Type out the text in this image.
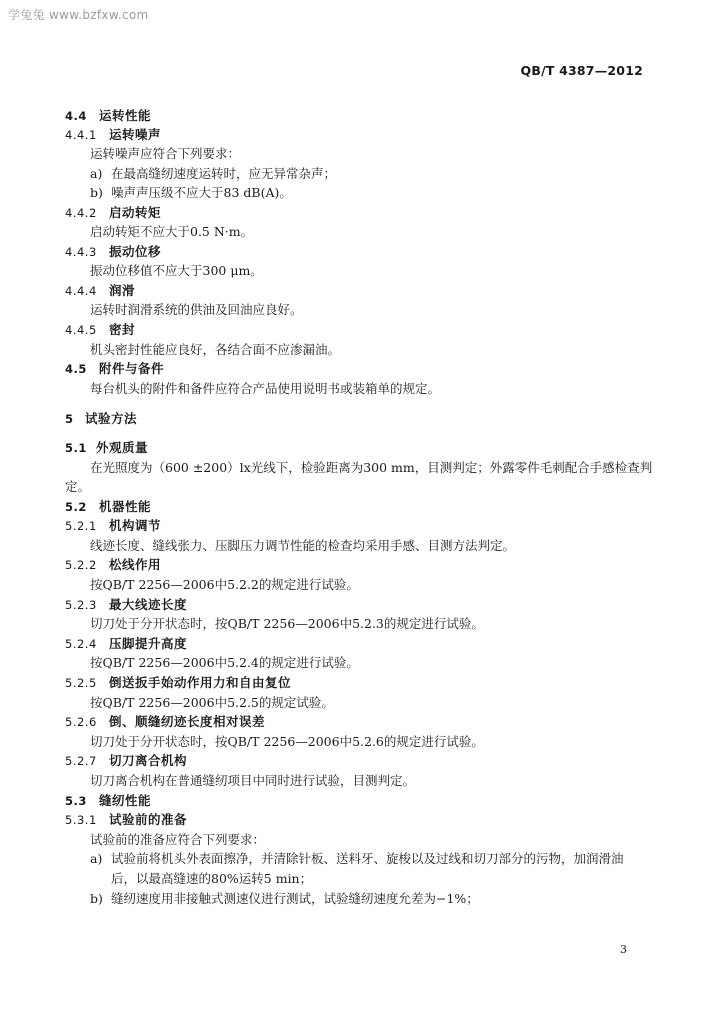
学兔兔 www.bzfxw.com
QB/T 4387—2012
4.4 运转性能
4.4.1 运转噪声
运转噪声应符合下列要求：
a) 在最高缝纫速度运转时，应无异常杂声；
b) 噪声声压级不应大于83 dB(A)。
4.4.2 启动转矩
启动转矩不应大于0.5 N·m。
4.4.3 振动位移
振动位移值不应大于300 μm。
4.4.4 润滑
运转时润滑系统的供油及回油应良好。
4.4.5 密封
机头密封性能应良好，各结合面不应渗漏油。
4.5 附件与备件
每台机头的附件和备件应符合产品使用说明书或装箱单的规定。
5 试验方法
5.1 外观质量
在光照度为（600 ±200）lx光线下，检验距离为300 mm，目测判定；外露零件毛刺配合手感检查判
定。
5.2 机器性能
5.2.1 机构调节
线迹长度、缝线张力、压脚压力调节性能的检查均采用手感、目测方法判定。
5.2.2 松线作用
按QB/T 2256—2006中5.2.2的规定进行试验。
5.2.3 最大线迹长度
切刀处于分开状态时，按QB/T 2256—2006中5.2.3的规定进行试验。
5.2.4 压脚提升高度
按QB/T 2256—2006中5.2.4的规定进行试验。
5.2.5 倒送扳手始动作用力和自由复位
按QB/T 2256—2006中5.2.5的规定试验。
5.2.6 倒、顺缝纫迹长度相对误差
切刀处于分开状态时，按QB/T 2256—2006中5.2.6的规定进行试验。
5.2.7 切刀离合机构
切刀离合机构在普通缝纫项目中同时进行试验，目测判定。
5.3 缝纫性能
5.3.1 试验前的准备
试验前的准备应符合下列要求：
a) 试验前将机头外表面擦净，并清除针板、送料牙、旋梭以及过线和切刀部分的污物，加润滑油
后，以最高缝速的80%运转5 min；
b) 缝纫速度用非接触式测速仪进行测试，试验缝纫速度允差为−1%；
3
